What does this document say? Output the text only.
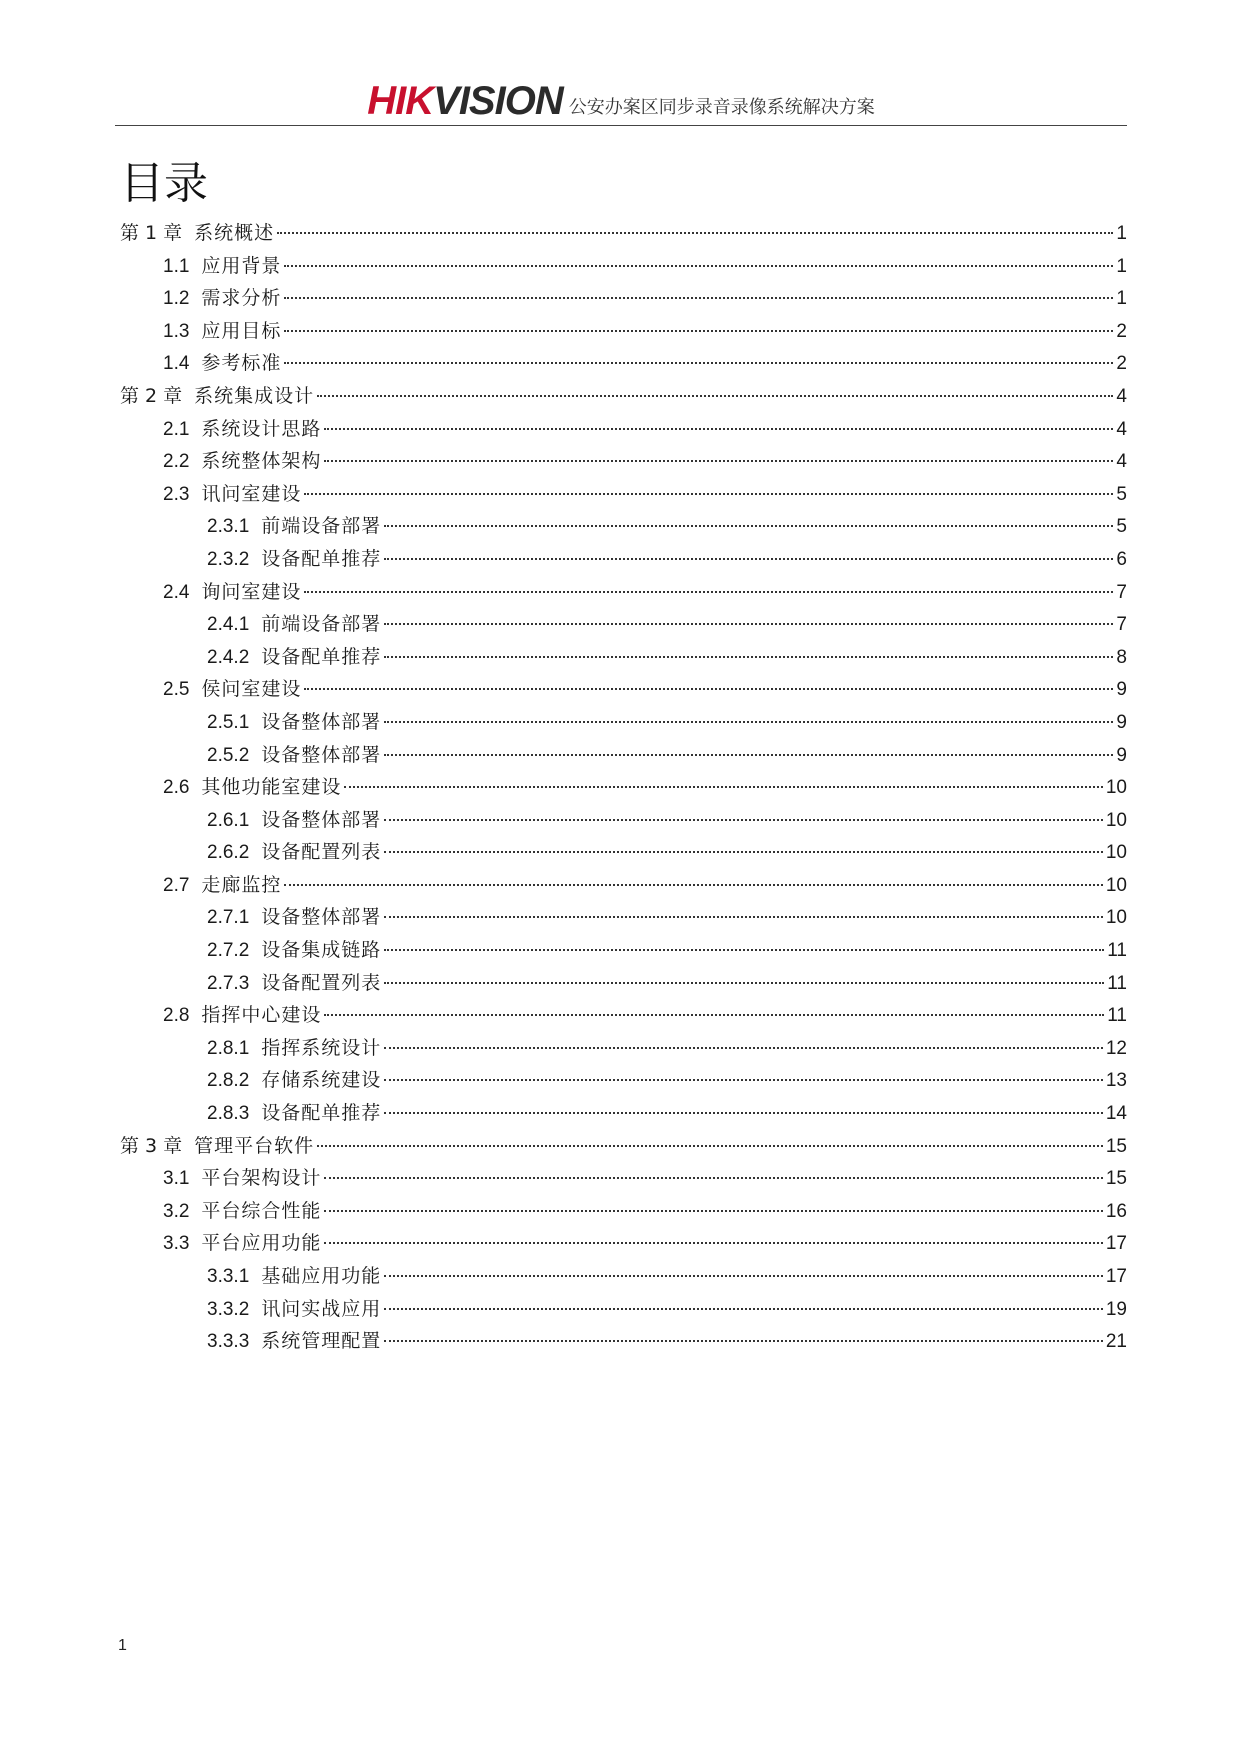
HIKVISION 公安办案区同步录音录像系统解决方案
目录
第 1 章 系统概述	1
1.1 应用背景	1
1.2 需求分析	1
1.3 应用目标	2
1.4 参考标准	2
第 2 章 系统集成设计	4
2.1 系统设计思路	4
2.2 系统整体架构	4
2.3 讯问室建设	5
2.3.1 前端设备部署	5
2.3.2 设备配单推荐	6
2.4 询问室建设	7
2.4.1 前端设备部署	7
2.4.2 设备配单推荐	8
2.5 侯问室建设	9
2.5.1 设备整体部署	9
2.5.2 设备整体部署	9
2.6 其他功能室建设	10
2.6.1 设备整体部署	10
2.6.2 设备配置列表	10
2.7 走廊监控	10
2.7.1 设备整体部署	10
2.7.2 设备集成链路	11
2.7.3 设备配置列表	11
2.8 指挥中心建设	11
2.8.1 指挥系统设计	12
2.8.2 存储系统建设	13
2.8.3 设备配单推荐	14
第 3 章 管理平台软件	15
3.1 平台架构设计	15
3.2 平台综合性能	16
3.3 平台应用功能	17
3.3.1 基础应用功能	17
3.3.2 讯问实战应用	19
3.3.3 系统管理配置	21
1
